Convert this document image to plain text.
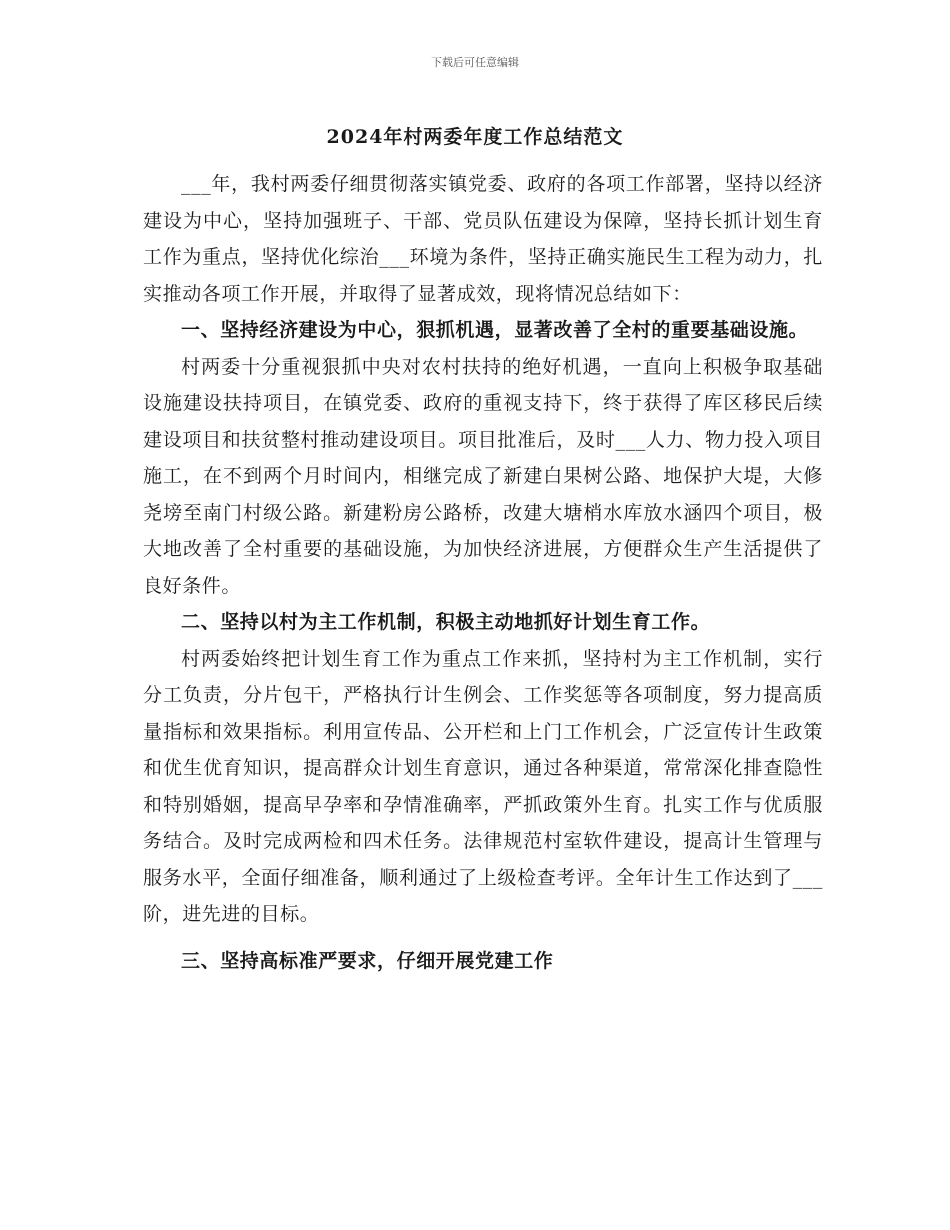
下载后可任意编辑
2024年村两委年度工作总结范文

___年，我村两委仔细贯彻落实镇党委、政府的各项工作部署，坚持以经济建设为中心，坚持加强班子、干部、党员队伍建设为保障，坚持长抓计划生育工作为重点，坚持优化综治___环境为条件，坚持正确实施民生工程为动力，扎实推动各项工作开展，并取得了显著成效，现将情况总结如下：

一、坚持经济建设为中心，狠抓机遇，显著改善了全村的重要基础设施。

村两委十分重视狠抓中央对农村扶持的绝好机遇，一直向上积极争取基础设施建设扶持项目，在镇党委、政府的重视支持下，终于获得了库区移民后续建设项目和扶贫整村推动建设项目。项目批准后，及时___人力、物力投入项目施工，在不到两个月时间内，相继完成了新建白果树公路、地保护大堤，大修尧塝至南门村级公路。新建粉房公路桥，改建大塘梢水库放水涵四个项目，极大地改善了全村重要的基础设施，为加快经济进展，方便群众生产生活提供了良好条件。

二、坚持以村为主工作机制，积极主动地抓好计划生育工作。

村两委始终把计划生育工作为重点工作来抓，坚持村为主工作机制，实行分工负责，分片包干，严格执行计生例会、工作奖惩等各项制度，努力提高质量指标和效果指标。利用宣传品、公开栏和上门工作机会，广泛宣传计生政策和优生优育知识，提高群众计划生育意识，通过各种渠道，常常深化排查隐性和特别婚姻，提高早孕率和孕情准确率，严抓政策外生育。扎实工作与优质服务结合。及时完成两检和四术任务。法律规范村室软件建设，提高计生管理与服务水平，全面仔细准备，顺利通过了上级检查考评。全年计生工作达到了___阶，进先进的目标。

三、坚持高标准严要求，仔细开展党建工作
